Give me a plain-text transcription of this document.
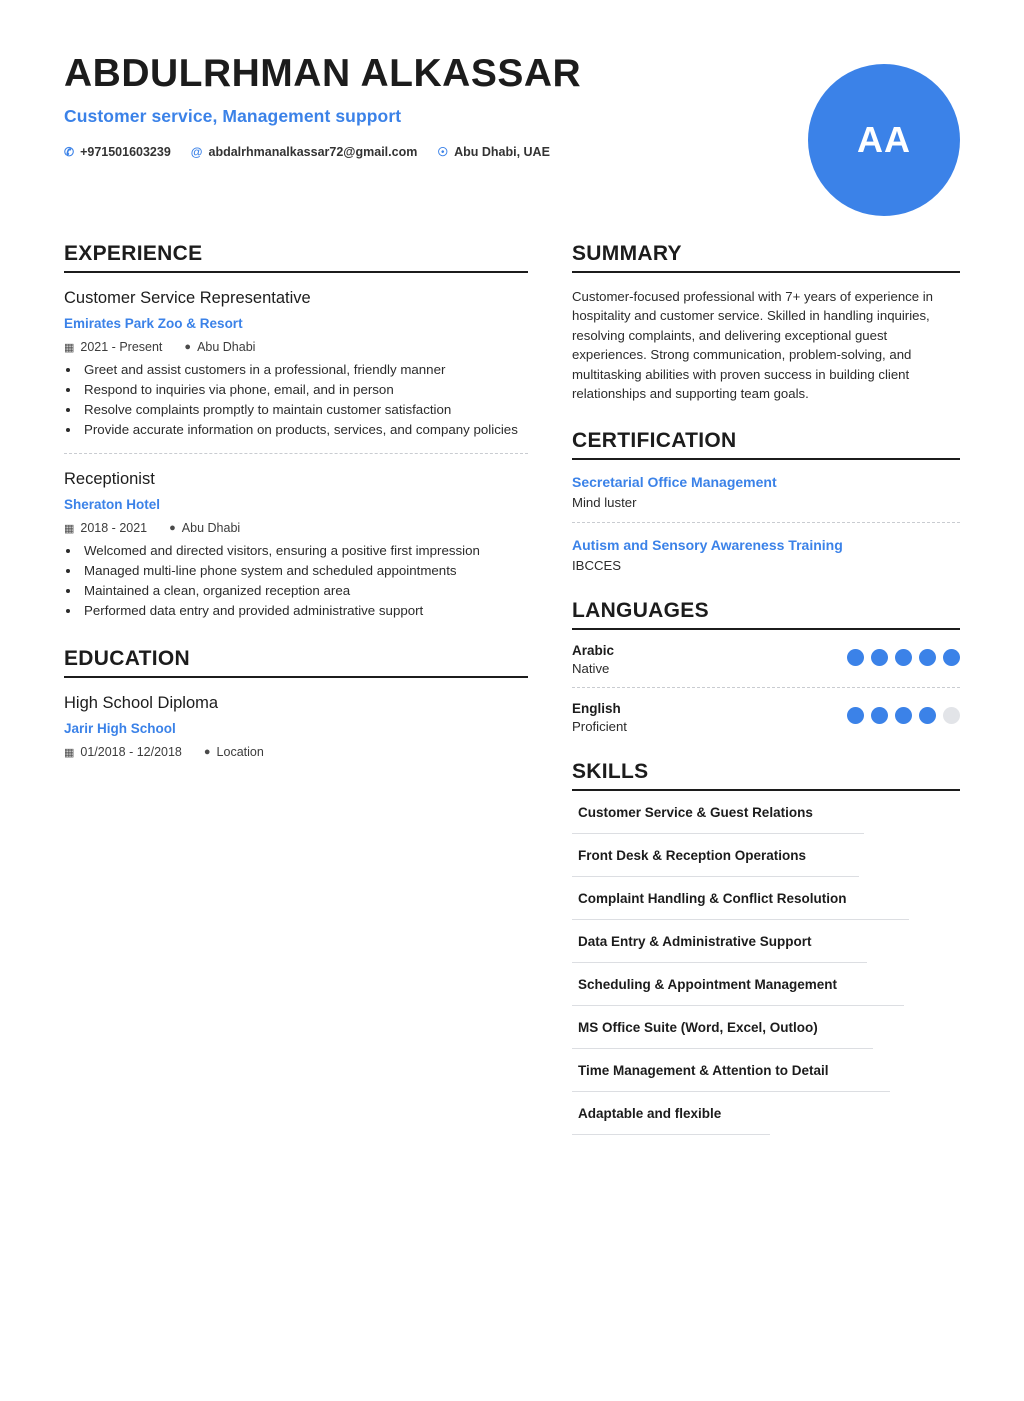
ABDULRHMAN ALKASSAR
Customer service, Management support
✆ +971501603239 @ abdalrhmanalkassar72@gmail.com ☉ Abu Dhabi, UAE	AA
EXPERIENCE
Customer Service Representative
Emirates Park Zoo & Resort
▦ 2021 - Present ● Abu Dhabi
• Greet and assist customers in a professional, friendly manner
• Respond to inquiries via phone, email, and in person
• Resolve complaints promptly to maintain customer satisfaction
• Provide accurate information on products, services, and company policies
Receptionist
Sheraton Hotel
▦ 2018 - 2021 ● Abu Dhabi
• Welcomed and directed visitors, ensuring a positive first impression
• Managed multi-line phone system and scheduled appointments
• Maintained a clean, organized reception area
• Performed data entry and provided administrative support
EDUCATION
High School Diploma
Jarir High School
▦ 01/2018 - 12/2018 ● Location
SUMMARY
Customer-focused professional with 7+ years of experience in hospitality and customer service. Skilled in handling inquiries, resolving complaints, and delivering exceptional guest experiences. Strong communication, problem-solving, and multitasking abilities with proven success in building client relationships and supporting team goals.
CERTIFICATION
Secretarial Office Management
Mind luster
Autism and Sensory Awareness Training
IBCCES
LANGUAGES
Arabic
Native
English
Proficient
SKILLS
Customer Service & Guest Relations
Front Desk & Reception Operations
Complaint Handling & Conflict Resolution
Data Entry & Administrative Support
Scheduling & Appointment Management
MS Office Suite (Word, Excel, Outloo)
Time Management & Attention to Detail
Adaptable and flexible
